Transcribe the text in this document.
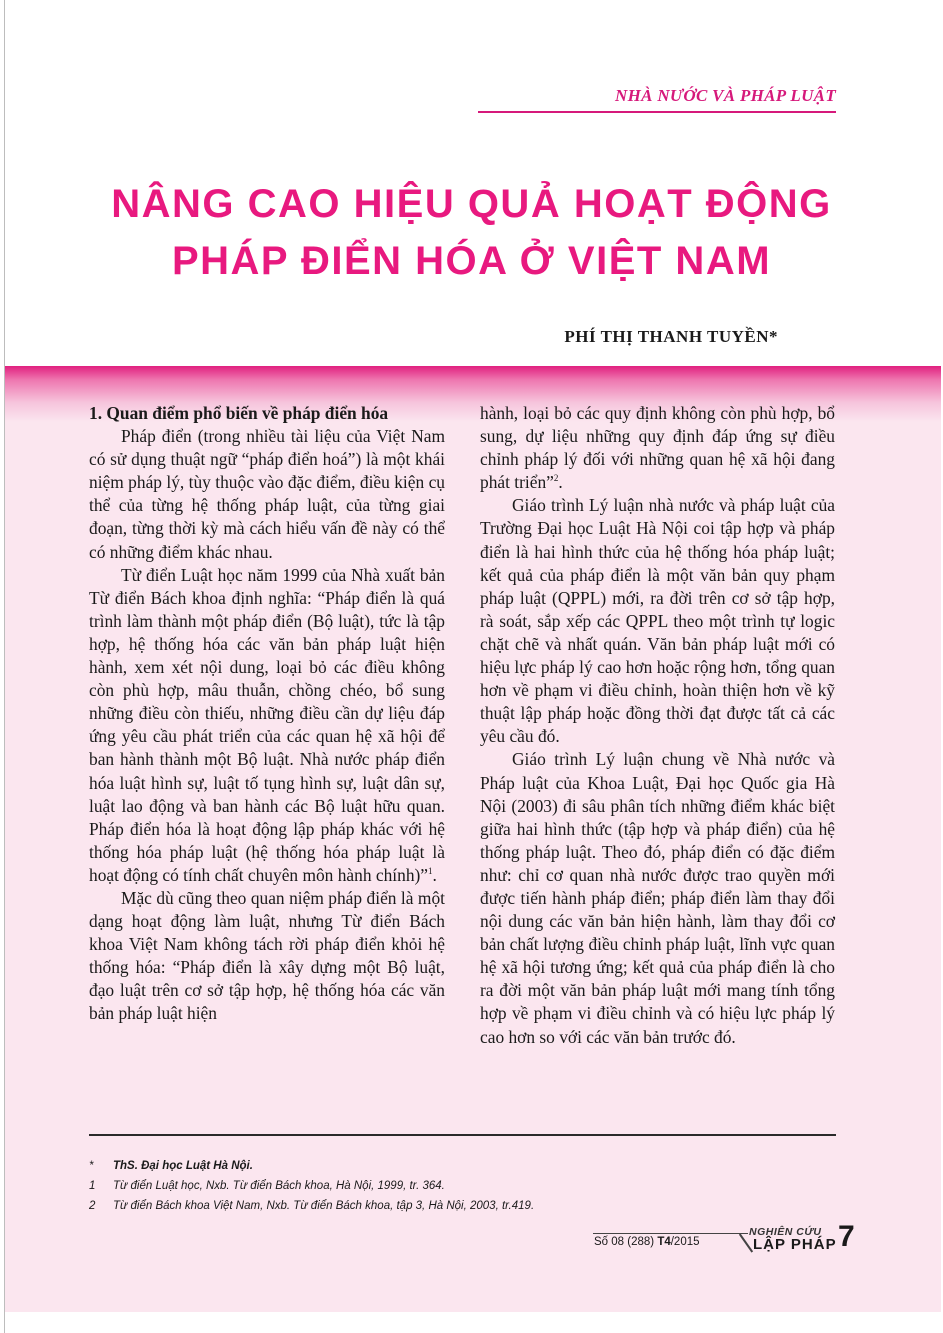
NHÀ NƯỚC VÀ PHÁP LUẬT
NÂNG CAO HIỆU QUẢ HOẠT ĐỘNG
PHÁP ĐIỂN HÓA Ở VIỆT NAM
PHÍ THỊ THANH TUYỀN*

1. Quan điểm phổ biến về pháp điển hóa

Pháp điển (trong nhiều tài liệu của Việt Nam có sử dụng thuật ngữ “pháp điển hoá”) là một khái niệm pháp lý, tùy thuộc vào đặc điểm, điều kiện cụ thể của từng hệ thống pháp luật, của từng giai đoạn, từng thời kỳ mà cách hiểu vấn đề này có thể có những điểm khác nhau.

Từ điển Luật học năm 1999 của Nhà xuất bản Từ điển Bách khoa định nghĩa: “Pháp điển là quá trình làm thành một pháp điển (Bộ luật), tức là tập hợp, hệ thống hóa các văn bản pháp luật hiện hành, xem xét nội dung, loại bỏ các điều không còn phù hợp, mâu thuẫn, chồng chéo, bổ sung những điều còn thiếu, những điều cần dự liệu đáp ứng yêu cầu phát triển của các quan hệ xã hội để ban hành thành một Bộ luật. Nhà nước pháp điển hóa luật hình sự, luật tố tụng hình sự, luật dân sự, luật lao động và ban hành các Bộ luật hữu quan. Pháp điển hóa là hoạt động lập pháp khác với hệ thống hóa pháp luật (hệ thống hóa pháp luật là hoạt động có tính chất chuyên môn hành chính)”$^1$.

Mặc dù cũng theo quan niệm pháp điển là một dạng hoạt động làm luật, nhưng Từ điển Bách khoa Việt Nam không tách rời pháp điển khỏi hệ thống hóa: “Pháp điển là xây dựng một Bộ luật, đạo luật trên cơ sở tập hợp, hệ thống hóa các văn bản pháp luật hiện

hành, loại bỏ các quy định không còn phù hợp, bổ sung, dự liệu những quy định đáp ứng sự điều chỉnh pháp lý đối với những quan hệ xã hội đang phát triển”$^2$.

Giáo trình Lý luận nhà nước và pháp luật của Trường Đại học Luật Hà Nội coi tập hợp và pháp điển là hai hình thức của hệ thống hóa pháp luật; kết quả của pháp điển là một văn bản quy phạm pháp luật (QPPL) mới, ra đời trên cơ sở tập hợp, rà soát, sắp xếp các QPPL theo một trình tự logic chặt chẽ và nhất quán. Văn bản pháp luật mới có hiệu lực pháp lý cao hơn hoặc rộng hơn, tổng quan hơn về phạm vi điều chỉnh, hoàn thiện hơn về kỹ thuật lập pháp hoặc đồng thời đạt được tất cả các yêu cầu đó.

Giáo trình Lý luận chung về Nhà nước và Pháp luật của Khoa Luật, Đại học Quốc gia Hà Nội (2003) đi sâu phân tích những điểm khác biệt giữa hai hình thức (tập hợp và pháp điển) của hệ thống pháp luật. Theo đó, pháp điển có đặc điểm như: chỉ cơ quan nhà nước được trao quyền mới được tiến hành pháp điển; pháp điển làm thay đổi nội dung các văn bản hiện hành, làm thay đổi cơ bản chất lượng điều chỉnh pháp luật, lĩnh vực quan hệ xã hội tương ứng; kết quả của pháp điển là cho ra đời một văn bản pháp luật mới mang tính tổng hợp về phạm vi điều chỉnh và có hiệu lực pháp lý cao hơn so với các văn bản trước đó.

*	ThS. Đại học Luật Hà Nội.
1	Từ điển Luật học, Nxb. Từ điển Bách khoa, Hà Nội, 1999, tr. 364.
2	Từ điển Bách khoa Việt Nam, Nxb. Từ điển Bách khoa, tập 3, Hà Nội, 2003, tr.419.
Số 08 (288) T4/2015
NGHIÊN CỨU
LẬP PHÁP 7
